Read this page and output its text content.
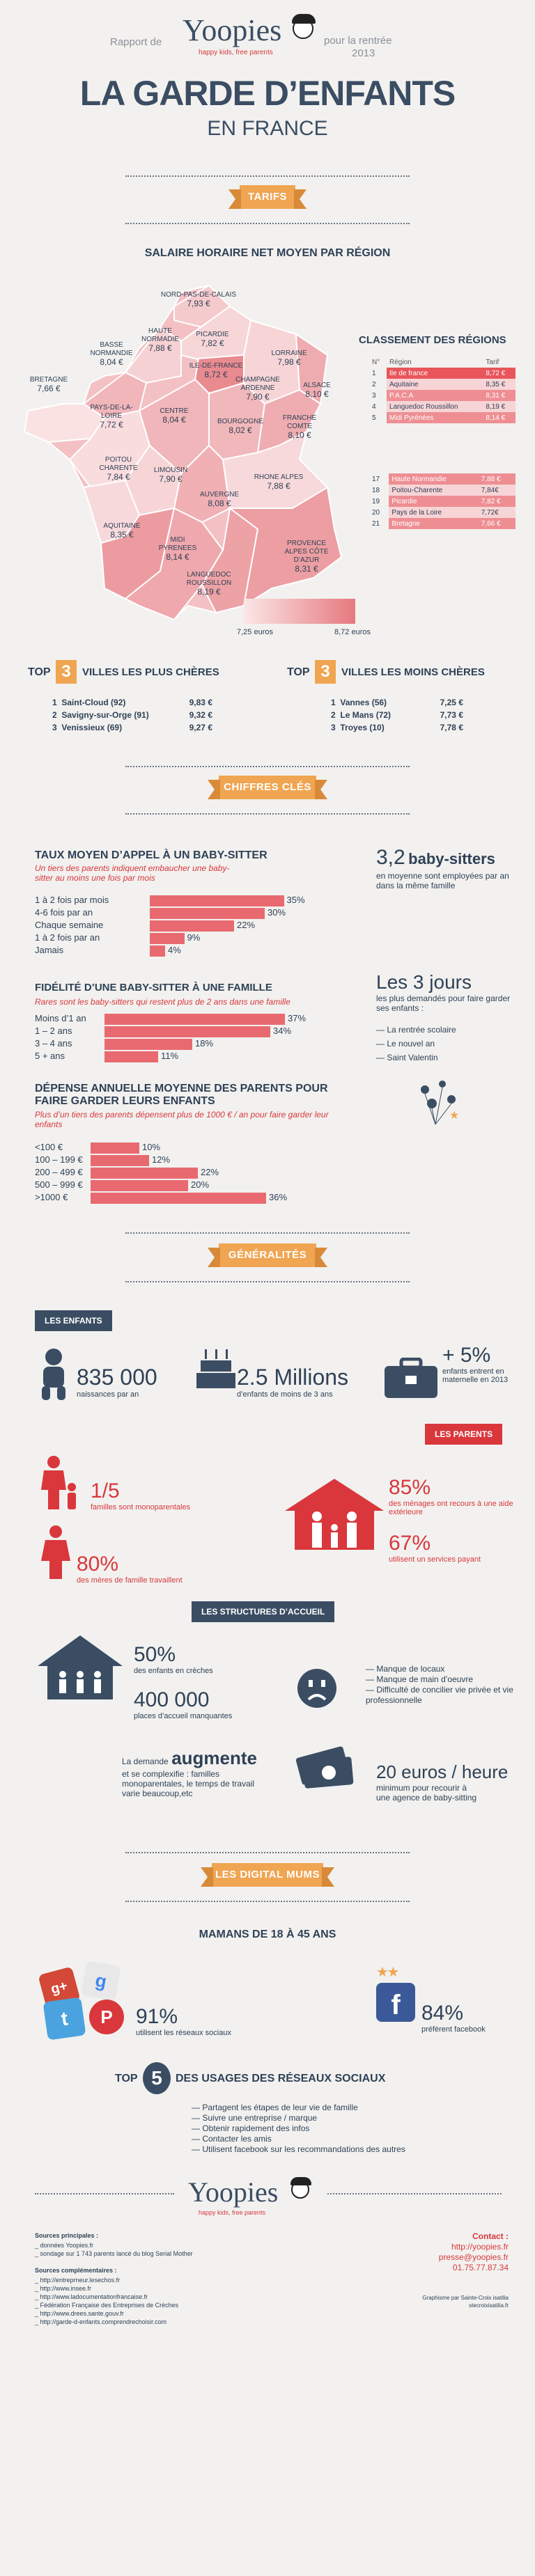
Rapport de Yoopies
happy kids, free parents
pour la rentrée
2013
LA GARDE D’ENFANTS
EN FRANCE
TARIFS
SALAIRE HORAIRE NET MOYEN PAR RÉGION
NORD-PAS-DE-CALAIS
7,93 €
HAUTE NORMADIE
7,88 €
PICARDIE
7,82 €
BASSE NORMANDIE
8,04 €	ILE-DE-FRANCE
8,72 €
LORRAINE
7,98 €
BRETAGNE
7,66 €
CHAMPAGNE ARDENNE
7,90 €
ALSACE
8,10 €
PAYS-DE-LA-LOIRE
7,72 €
CENTRE
8,04 €	BOURGOGNE
8,02 €
FRANCHE COMTE
8,10 €
POITOU CHARENTE
7,84 €
LIMOUSIN
7,90 €
AUVERGNE
8,08 €
RHONE ALPES
7,88 €
AQUITAINE
8,35 €
MIDI PYRENEES
8,14 €
LANGUEDOC ROUSSILLON
8,19 €
PROVENCE ALPES CÔTE D’AZUR
8,31 €
7,25 euros	8,72 euros
CLASSEMENT DES RÉGIONS
N°	Région	Tarif
1	Ile de france	8,72 €
2	Aquitaine	8,35 €
3	P.A.C.A	8,31 €
4	Languedoc Roussillon	8,19 €
5	Midi Pyrénées	8,14 €
17	Haute Normandie	7,88 €
18	Poitou-Charente	7,84€
19	Picardie	7,82 €
20	Pays de la Loire	7,72€
21	Bretagne	7,66 €
TOP 3	VILLES LES PLUS CHÈRES
1 Saint-Cloud (92)	9,83 €
2 Savigny-sur-Orge (91)	9,32 €
3 Venissieux (69)	9,27 €
TOP 3	VILLES LES MOINS CHÈRES
1 Vannes (56)	7,25 €
2 Le Mans (72)	7,73 €
3 Troyes (10)	7,78 €
CHIFFRES CLÉS
TAUX MOYEN D’APPEL À UN BABY-SITTER
Un tiers des parents indiquent embaucher une baby-sitter au moins une fois par mois
1 à 2 fois par mois	35%
4-6 fois par an	30%
Chaque semaine	22%
1 à 2 fois par an	9%
Jamais	4%
FIDÉLITÉ D’UNE BABY-SITTER À UNE FAMILLE
Rares sont les baby-sitters qui restent plus de 2 ans dans une famille
Moins d’1 an	37%
1 – 2 ans	34%
3 – 4 ans	18%
5 + ans	11%
DÉPENSE ANNUELLE MOYENNE DES PARENTS POUR FAIRE GARDER LEURS ENFANTS
Plus d’un tiers des parents dépensent plus de 1000 € / an pour faire garder leur enfants
<100 €	10%
100 – 199 €	12%
200 – 499 €	22%
500 – 999 €	20%
>1000 €	36%
3,2 baby-sitters
en moyenne sont employées par an dans la même famille
Les 3 jours
les plus demandés pour faire garder ses enfants :
— La rentrée scolaire
— Le nouvel an
— Saint Valentin
★
GÉNÉRALITÉS
LES ENFANTS
835 000
naissances par an
2.5 Millions
d’enfants de moins de 3 ans
+ 5%
enfants entrent en maternelle en 2013
LES PARENTS
1/5
familles sont monoparentales
80%
des mères de famille travaillent
85%
des ménages ont recours à une aide extérieure
67%
utilisent un services payant
LES STRUCTURES D’ACCUEIL
50%
des enfants en crèches
400 000
places d’accueil manquantes
— Manque de locaux
— Manque de main d’oeuvre
— Difficulté de concilier vie privée et vie professionnelle
La demande augmente
et se complexifie : familles monoparentales, le temps de travail varie beaucoup,etc
20 euros / heure
minimum pour recourir à une agence de baby-sitting
LES DIGITAL MUMS
MAMANS DE 18 À 45 ANS
g+	g
t	P	91%
utilisent les réseaux sociaux
★ ★
f	84%
préfèrent facebook
TOP 5	DES USAGES DES RÉSEAUX SOCIAUX
— Partagent les étapes de leur vie de famille
— Suivre une entreprise / marque
— Obtenir rapidement des infos
— Contacter les amis
— Utilisent facebook sur les recommandations des autres
Yoopies
happy kids, free parents
Sources principales :
_ données Yoopies.fr
_ sondage sur 1 743 parents lancé du blog Serial Mother
Sources complémentaires :
_ http://entreprneur.lesechos.fr
_ http://www.insee.fr
_ http://www.ladocumentationfrancaise.fr
_ Fédération Française des Entreprises de Crèches
_ http://www.drees.sante.gouv.fr
_ http://garde-d-enfants.comprendrechoisir.com
Contact :
http://yoopies.fr
presse@yoopies.fr
01.75.77.87.34
Graphisme par Sainte-Croix isatilia
stecroixisatilia.fr
